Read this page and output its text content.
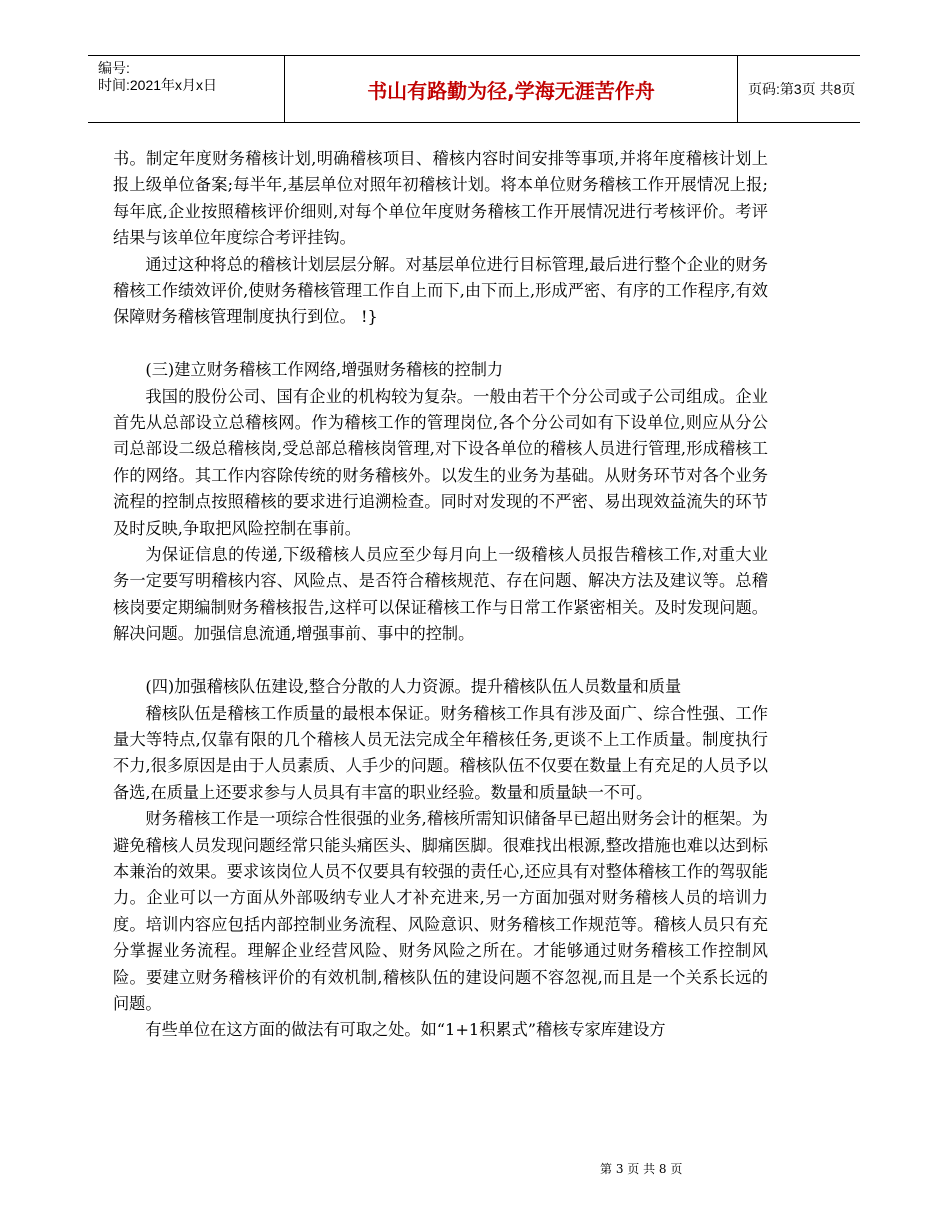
编号:
时间:2021年x月x日	书山有路勤为径,学海无涯苦作舟	页码:第3页 共8页

书。制定年度财务稽核计划,明确稽核项目、稽核内容时间安排等事项,并将年度稽核计划上报上级单位备案;每半年,基层单位对照年初稽核计划。将本单位财务稽核工作开展情况上报;每年底,企业按照稽核评价细则,对每个单位年度财务稽核工作开展情况进行考核评价。考评结果与该单位年度综合考评挂钩。

通过这种将总的稽核计划层层分解。对基层单位进行目标管理,最后进行整个企业的财务稽核工作绩效评价,使财务稽核管理工作自上而下,由下而上,形成严密、有序的工作程序,有效保障财务稽核管理制度执行到位。 !}

(三)建立财务稽核工作网络,增强财务稽核的控制力

我国的股份公司、国有企业的机构较为复杂。一般由若干个分公司或子公司组成。企业首先从总部设立总稽核网。作为稽核工作的管理岗位,各个分公司如有下设单位,则应从分公司总部设二级总稽核岗,受总部总稽核岗管理,对下设各单位的稽核人员进行管理,形成稽核工作的网络。其工作内容除传统的财务稽核外。以发生的业务为基础。从财务环节对各个业务流程的控制点按照稽核的要求进行追溯检查。同时对发现的不严密、易出现效益流失的环节及时反映,争取把风险控制在事前。

为保证信息的传递,下级稽核人员应至少每月向上一级稽核人员报告稽核工作,对重大业务一定要写明稽核内容、风险点、是否符合稽核规范、存在问题、解决方法及建议等。总稽核岗要定期编制财务稽核报告,这样可以保证稽核工作与日常工作紧密相关。及时发现问题。解决问题。加强信息流通,增强事前、事中的控制。

(四)加强稽核队伍建设,整合分散的人力资源。提升稽核队伍人员数量和质量

稽核队伍是稽核工作质量的最根本保证。财务稽核工作具有涉及面广、综合性强、工作量大等特点,仅靠有限的几个稽核人员无法完成全年稽核任务,更谈不上工作质量。制度执行不力,很多原因是由于人员素质、人手少的问题。稽核队伍不仅要在数量上有充足的人员予以备选,在质量上还要求参与人员具有丰富的职业经验。数量和质量缺一不可。

财务稽核工作是一项综合性很强的业务,稽核所需知识储备早已超出财务会计的框架。为避免稽核人员发现问题经常只能头痛医头、脚痛医脚。很难找出根源,整改措施也难以达到标本兼治的效果。要求该岗位人员不仅要具有较强的责任心,还应具有对整体稽核工作的驾驭能力。企业可以一方面从外部吸纳专业人才补充进来,另一方面加强对财务稽核人员的培训力度。培训内容应包括内部控制业务流程、风险意识、财务稽核工作规范等。稽核人员只有充分掌握业务流程。理解企业经营风险、财务风险之所在。才能够通过财务稽核工作控制风险。要建立财务稽核评价的有效机制,稽核队伍的建设问题不容忽视,而且是一个关系长远的问题。

有些单位在这方面的做法有可取之处。如“1+1积累式”稽核专家库建设方

第 3 页 共 8 页
